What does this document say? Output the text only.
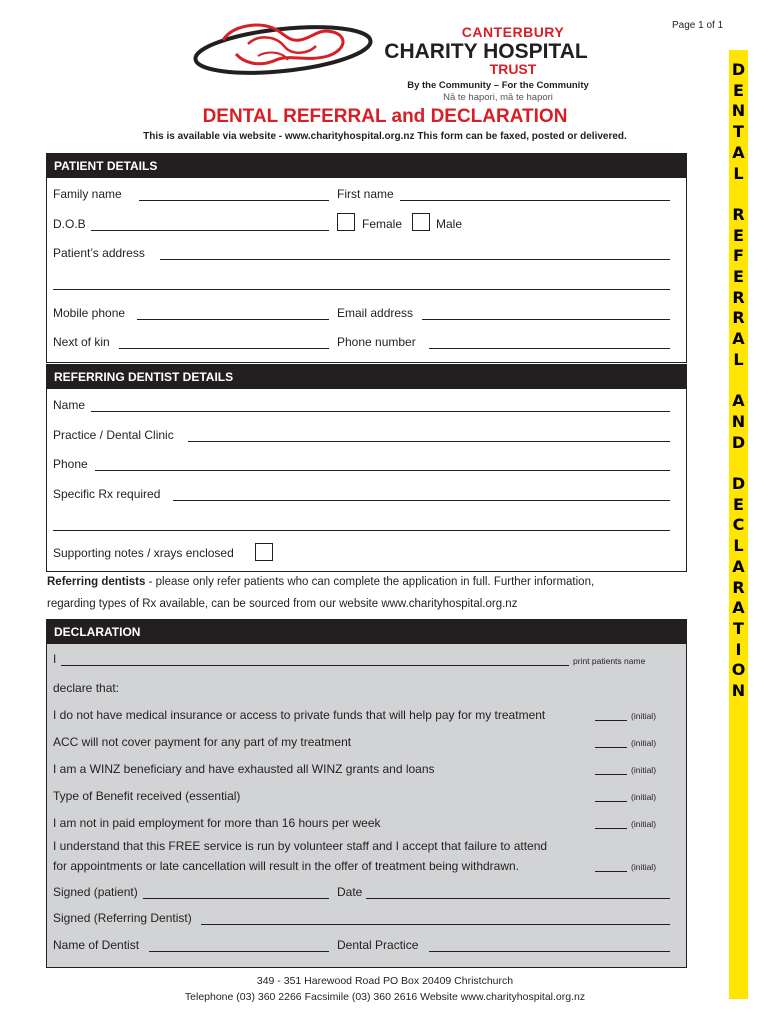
Page 1 of 1
CANTERBURY
CHARITY HOSPITAL
TRUST
By the Community – For the Community
Nā te hapori, mā te hapori
DENTAL REFERRAL and DECLARATION
This is available via website - www.charityhospital.org.nz This form can be faxed, posted or delivered.
D
E
N
T
A
L

R
E
F
E
R
R
A
L

A
N
D

D
E
C
L
A
R
A
T
I
O
N
PATIENT DETAILS
Family name	First name
D.O.B	Female	Male
Patient’s address
Mobile phone	Email address
Next of kin	Phone number
REFERRING DENTIST DETAILS
Name
Practice / Dental Clinic
Phone
Specific Rx required
Supporting notes / xrays enclosed
Referring dentists - please only refer patients who can complete the application in full. Further information,
regarding types of Rx available, can be sourced from our website www.charityhospital.org.nz
DECLARATION
I	print patients name
declare that:
I do not have medical insurance or access to private funds that will help pay for my treatment	(initial)
ACC will not cover payment for any part of my treatment	(initial)
I am a WINZ beneficiary and have exhausted all WINZ grants and loans	(initial)
Type of Benefit received (essential)	(initial)
I am not in paid employment for more than 16 hours per week	(initial)
I understand that this FREE service is run by volunteer staff and I accept that failure to attend
for appointments or late cancellation will result in the offer of treatment being withdrawn.	(initial)
Signed (patient)	Date
Signed (Referring Dentist)
Name of Dentist	Dental Practice
349 - 351 Harewood Road PO Box 20409 Christchurch
Telephone (03) 360 2266 Facsimile (03) 360 2616 Website www.charityhospital.org.nz
